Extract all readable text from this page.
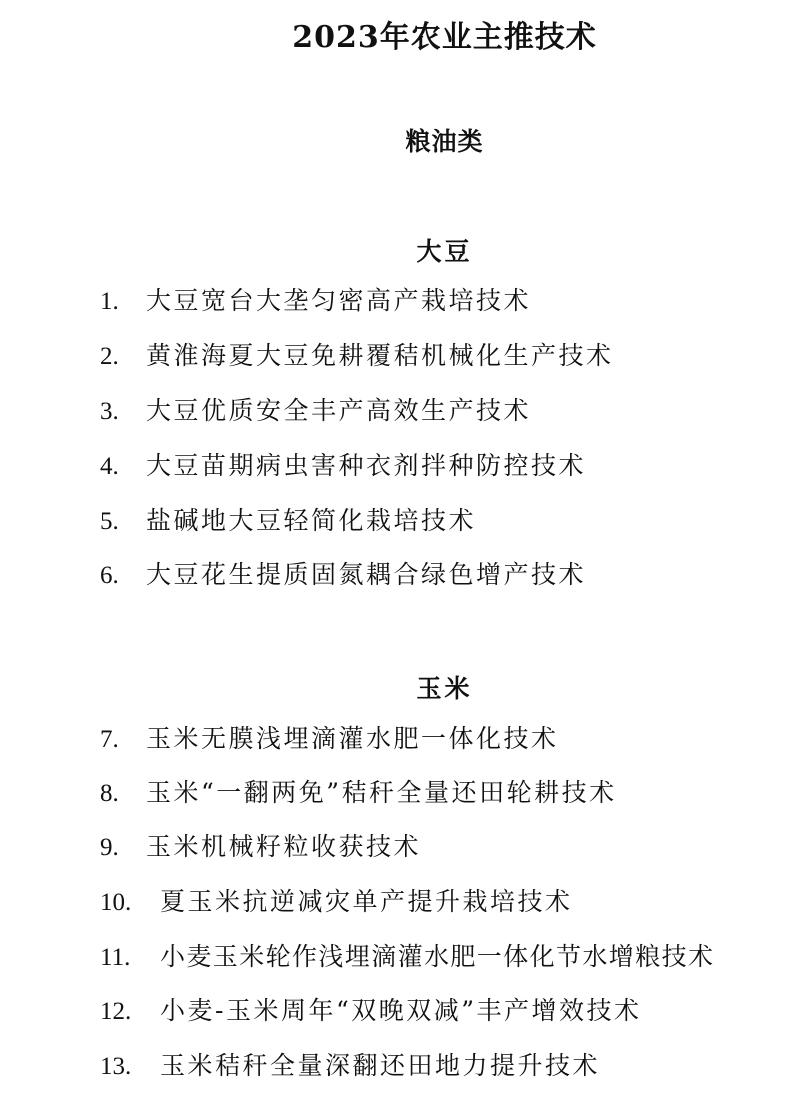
2023年农业主推技术
粮油类
大豆
1. 大豆宽台大垄匀密高产栽培技术
2. 黄淮海夏大豆免耕覆秸机械化生产技术
3. 大豆优质安全丰产高效生产技术
4. 大豆苗期病虫害种衣剂拌种防控技术
5. 盐碱地大豆轻简化栽培技术
6. 大豆花生提质固氮耦合绿色增产技术
玉米
7. 玉米无膜浅埋滴灌水肥一体化技术
8. 玉米“一翻两免”秸秆全量还田轮耕技术
9. 玉米机械籽粒收获技术
10. 夏玉米抗逆减灾单产提升栽培技术
11. 小麦玉米轮作浅埋滴灌水肥一体化节水增粮技术
12. 小麦-玉米周年“双晚双减”丰产增效技术
13. 玉米秸秆全量深翻还田地力提升技术
